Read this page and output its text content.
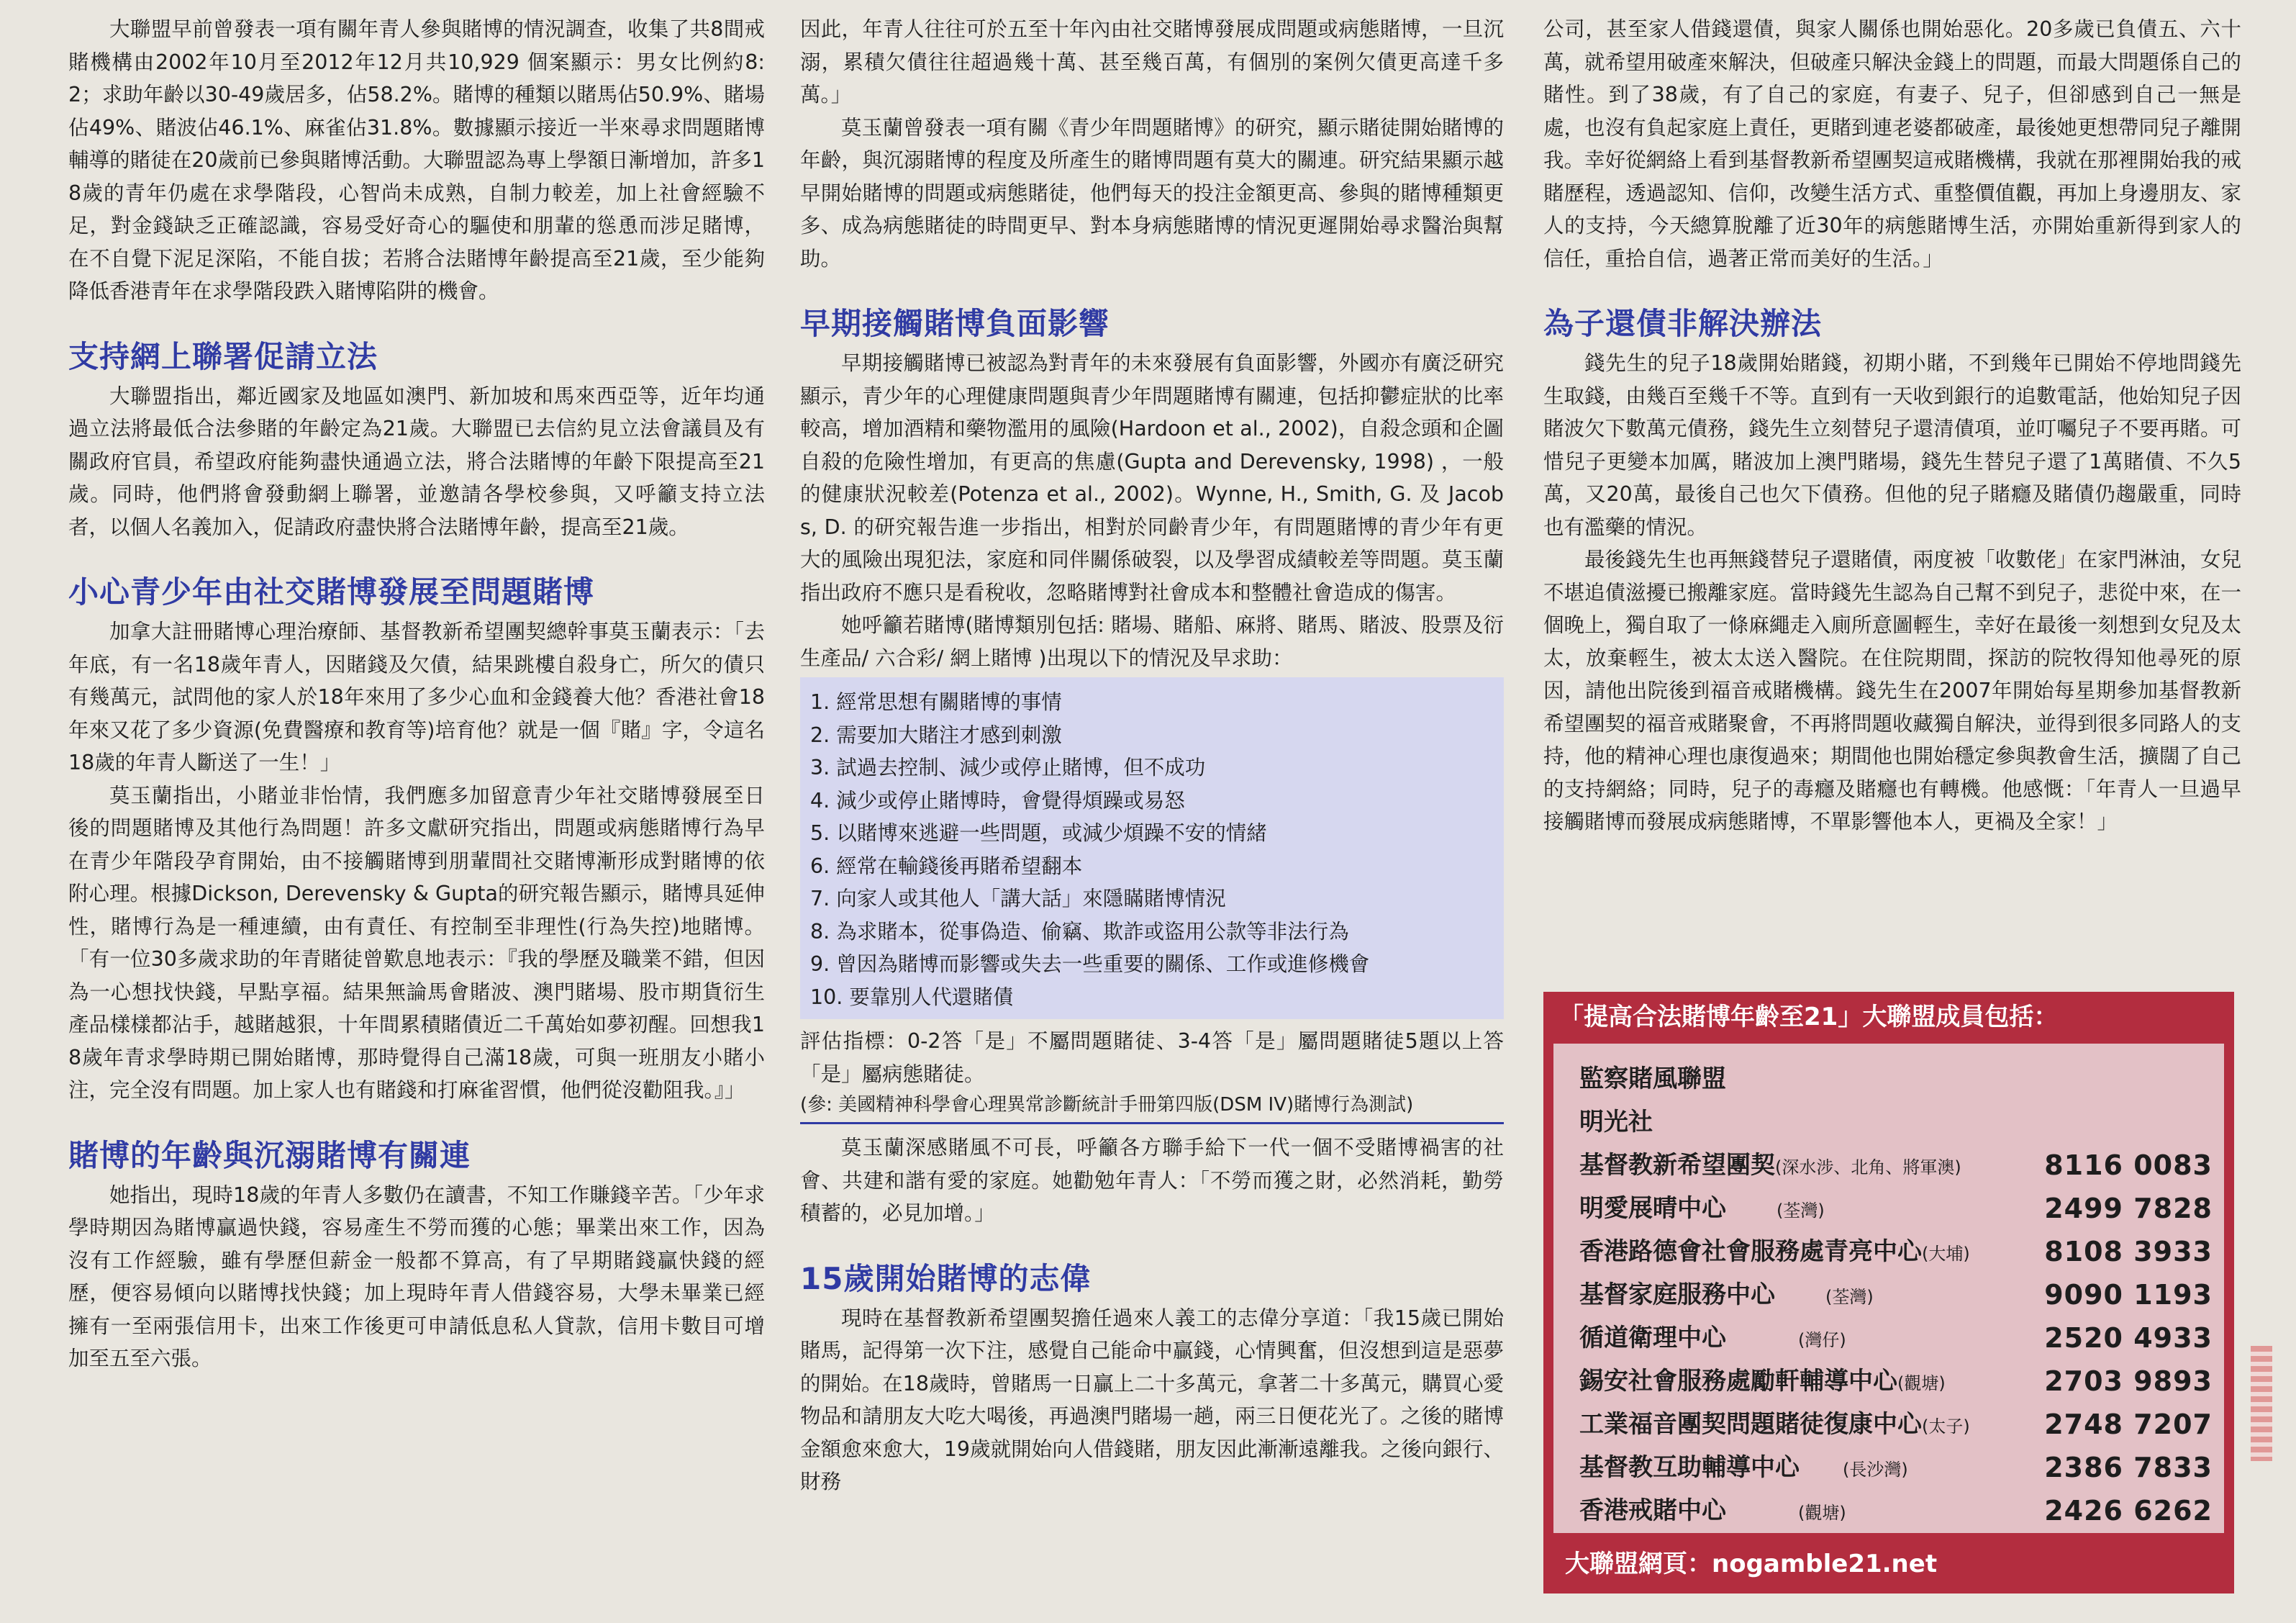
大聯盟早前曾發表一項有關年青人參與賭博的情況調查，收集了共8間戒賭機構由2002年10月至2012年12月共10,929 個案顯示：男女比例約8:2；求助年齡以30-49歲居多，佔58.2%。賭博的種類以賭馬佔50.9%、賭場佔49%、賭波佔46.1%、麻雀佔31.8%。數據顯示接近一半來尋求問題賭博輔導的賭徒在20歲前已參與賭博活動。大聯盟認為專上學額日漸增加，許多18歲的青年仍處在求學階段，心智尚未成熟，自制力較差，加上社會經驗不足，對金錢缺乏正確認識，容易受好奇心的驅使和朋輩的慫恿而涉足賭博，在不自覺下泥足深陷，不能自拔；若將合法賭博年齡提高至21歲，至少能夠降低香港青年在求學階段跌入賭博陷阱的機會。

支持網上聯署促請立法

大聯盟指出，鄰近國家及地區如澳門、新加坡和馬來西亞等，近年均通過立法將最低合法參賭的年齡定為21歲。大聯盟已去信約見立法會議員及有關政府官員，希望政府能夠盡快通過立法，將合法賭博的年齡下限提高至21歲。同時，他們將會發動網上聯署，並邀請各學校參與，又呼籲支持立法者，以個人名義加入，促請政府盡快將合法賭博年齡，提高至21歲。

小心青少年由社交賭博發展至問題賭博

加拿大註冊賭博心理治療師、基督教新希望團契總幹事莫玉蘭表示：「去年底，有一名18歲年青人，因賭錢及欠債，結果跳樓自殺身亡，所欠的債只有幾萬元，試問他的家人於18年來用了多少心血和金錢養大他？香港社會18年來又花了多少資源(免費醫療和教育等)培育他？就是一個『賭』字，令這名18歲的年青人斷送了一生！」

莫玉蘭指出，小賭並非怡情，我們應多加留意青少年社交賭博發展至日後的問題賭博及其他行為問題！許多文獻研究指出，問題或病態賭博行為早在青少年階段孕育開始，由不接觸賭博到朋輩間社交賭博漸形成對賭博的依附心理。根據Dickson, Derevensky & Gupta的研究報告顯示，賭博具延伸性，賭博行為是一種連續，由有責任、有控制至非理性(行為失控)地賭博。「有一位30多歲求助的年青賭徒曾歎息地表示：『我的學歷及職業不錯，但因為一心想找快錢，早點享福。結果無論馬會賭波、澳門賭場、股市期貨衍生產品樣樣都沾手，越賭越狠，十年間累積賭債近二千萬始如夢初醒。回想我18歲年青求學時期已開始賭博，那時覺得自己滿18歲，可與一班朋友小賭小注，完全沒有問題。加上家人也有賭錢和打麻雀習慣，他們從沒勸阻我。』」

賭博的年齡與沉溺賭博有關連

她指出，現時18歲的年青人多數仍在讀書，不知工作賺錢辛苦。「少年求學時期因為賭博贏過快錢，容易產生不勞而獲的心態；畢業出來工作，因為沒有工作經驗，雖有學歷但薪金一般都不算高，有了早期賭錢贏快錢的經歷，便容易傾向以賭博找快錢；加上現時年青人借錢容易，大學未畢業已經擁有一至兩張信用卡，出來工作後更可申請低息私人貸款，信用卡數目可增加至五至六張。

因此，年青人往往可於五至十年內由社交賭博發展成問題或病態賭博，一旦沉溺，累積欠債往往超過幾十萬、甚至幾百萬，有個別的案例欠債更高達千多萬。」

莫玉蘭曾發表一項有關《青少年問題賭博》的研究，顯示賭徒開始賭博的年齡，與沉溺賭博的程度及所產生的賭博問題有莫大的關連。研究結果顯示越早開始賭博的問題或病態賭徒，他們每天的投注金額更高、參與的賭博種類更多、成為病態賭徒的時間更早、對本身病態賭博的情況更遲開始尋求醫治與幫助。

早期接觸賭博負面影響

早期接觸賭博已被認為對青年的未來發展有負面影響，外國亦有廣泛研究顯示，青少年的心理健康問題與青少年問題賭博有關連，包括抑鬱症狀的比率較高，增加酒精和藥物濫用的風險(Hardoon et al., 2002)，自殺念頭和企圖自殺的危險性增加，有更高的焦慮(Gupta and Derevensky, 1998) ，一般的健康狀況較差(Potenza et al., 2002)。Wynne, H., Smith, G. 及 Jacobs, D. 的研究報告進一步指出，相對於同齡青少年，有問題賭博的青少年有更大的風險出現犯法，家庭和同伴關係破裂，以及學習成績較差等問題。莫玉蘭指出政府不應只是看稅收，忽略賭博對社會成本和整體社會造成的傷害。

她呼籲若賭博(賭博類別包括: 賭場、賭船、麻將、賭馬、賭波、股票及衍生產品/ 六合彩/ 網上賭博 )出現以下的情況及早求助：

1. 經常思想有關賭博的事情
2. 需要加大賭注才感到刺激
3. 試過去控制、減少或停止賭博，但不成功
4. 減少或停止賭博時，會覺得煩躁或易怒
5. 以賭博來逃避一些問題，或減少煩躁不安的情緒
6. 經常在輸錢後再賭希望翻本
7. 向家人或其他人「講大話」來隱瞞賭博情況
8. 為求賭本，從事偽造、偷竊、欺詐或盜用公款等非法行為
9. 曾因為賭博而影響或失去一些重要的關係、工作或進修機會
10. 要靠別人代還賭債

評估指標：0-2答「是」不屬問題賭徒、3-4答「是」屬問題賭徒5題以上答「是」屬病態賭徒。

(參: 美國精神科學會心理異常診斷統計手冊第四版(DSM IV)賭博行為測試)

莫玉蘭深感賭風不可長，呼籲各方聯手給下一代一個不受賭博禍害的社會、共建和諧有愛的家庭。她勸勉年青人：「不勞而獲之財，必然消耗，勤勞積蓄的，必見加增。」

15歲開始賭博的志偉

現時在基督教新希望團契擔任過來人義工的志偉分享道：「我15歲已開始賭馬，記得第一次下注，感覺自己能命中贏錢，心情興奮，但沒想到這是惡夢的開始。在18歲時，曾賭馬一日贏上二十多萬元，拿著二十多萬元，購買心愛物品和請朋友大吃大喝後，再過澳門賭場一趟，兩三日便花光了。之後的賭博金額愈來愈大，19歲就開始向人借錢賭，朋友因此漸漸遠離我。之後向銀行、財務

公司，甚至家人借錢還債，與家人關係也開始惡化。20多歲已負債五、六十萬，就希望用破產來解決，但破產只解決金錢上的問題，而最大問題係自己的賭性。到了38歲，有了自己的家庭，有妻子、兒子，但卻感到自己一無是處，也沒有負起家庭上責任，更賭到連老婆都破產，最後她更想帶同兒子離開我。幸好從網絡上看到基督教新希望團契這戒賭機構，我就在那裡開始我的戒賭歷程，透過認知、信仰，改變生活方式、重整價值觀，再加上身邊朋友、家人的支持，今天總算脫離了近30年的病態賭博生活，亦開始重新得到家人的信任，重拾自信，過著正常而美好的生活。」

為子還債非解決辦法

錢先生的兒子18歲開始賭錢，初期小賭，不到幾年已開始不停地問錢先生取錢，由幾百至幾千不等。直到有一天收到銀行的追數電話，他始知兒子因賭波欠下數萬元債務，錢先生立刻替兒子還清債項，並叮囑兒子不要再賭。可惜兒子更變本加厲，賭波加上澳門賭場，錢先生替兒子還了1萬賭債、不久5萬，又20萬，最後自己也欠下債務。但他的兒子賭癮及賭債仍趨嚴重，同時也有濫藥的情況。

最後錢先生也再無錢替兒子還賭債，兩度被「收數佬」在家門淋油，女兒不堪追債滋擾已搬離家庭。當時錢先生認為自己幫不到兒子，悲從中來，在一個晚上，獨自取了一條麻繩走入廁所意圖輕生，幸好在最後一刻想到女兒及太太，放棄輕生，被太太送入醫院。在住院期間，探訪的院牧得知他尋死的原因，請他出院後到福音戒賭機構。錢先生在2007年開始每星期參加基督教新希望團契的福音戒賭聚會，不再將問題收藏獨自解決，並得到很多同路人的支持，他的精神心理也康復過來；期間他也開始穩定參與教會生活，擴闊了自己的支持網絡；同時，兒子的毒癮及賭癮也有轉機。他感慨：「年青人一旦過早接觸賭博而發展成病態賭博，不單影響他本人，更禍及全家！」

「提高合法賭博年齡至21」大聯盟成員包括：
監察賭風聯盟
明光社
基督教新希望團契(深水涉、北角、將軍澳)	8116 0083
明愛展晴中心	(荃灣)	2499 7828
香港路德會社會服務處青亮中心(大埔)	8108 3933
基督家庭服務中心	(荃灣)	9090 1193
循道衛理中心	(灣仔)	2520 4933
錫安社會服務處勵軒輔導中心(觀塘)	2703 9893
工業福音團契問題賭徒復康中心(太子)	2748 7207
基督教互助輔導中心	(長沙灣)	2386 7833
香港戒賭中心	(觀塘)	2426 6262
大聯盟網頁：nogamble21.net
